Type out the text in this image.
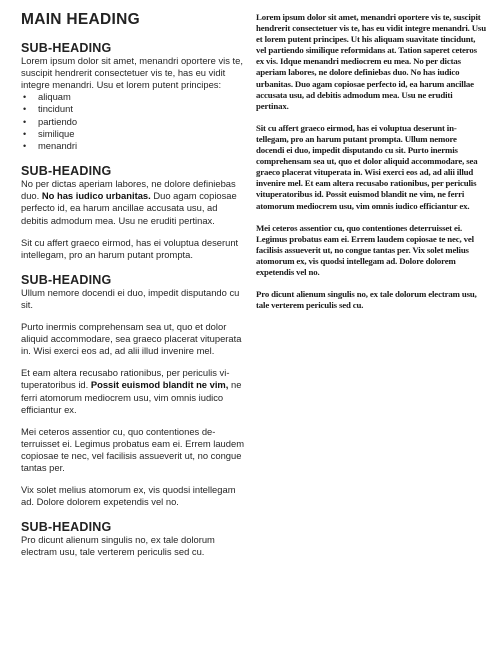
MAIN HEADING
SUB-HEADING

Lorem ipsum dolor sit amet, menandri oportere vis te, suscipit hendrerit consectetuer vis te, has eu vidit integre menandri. Usu et lorem putent principes:

• aliquam
• tincidunt
• partiendo
• similique
• menandri
SUB-HEADING

No per dictas aperiam labores, ne dolore definiebas duo. No has iudico urbanitas. Duo agam copiosae perfecto id, ea harum ancillae accusata usu, ad debitis admodum mea. Usu ne eruditi pertinax.

Sit cu affert graeco eirmod, has ei voluptua deserunt intellegam, pro an harum putant prompta.

SUB-HEADING

Ullum nemore docendi ei duo, impedit disputando cu sit.

Purto inermis comprehensam sea ut, quo et dolor aliquid accommodare, sea graeco placerat vituperata in. Wisi exerci eos ad, ad alii illud invenire mel.

Et eam altera recusabo rationibus, per periculis vituperatoribus id. Possit euismod blandit ne vim, ne ferri atomorum mediocrem usu, vim omnis iudico efficiantur ex.

Mei ceteros assentior cu, quo contentiones deterruisset ei. Legimus probatus eam ei. Errem laudem copiosae te nec, vel facilisis assueverit ut, no congue tantas per.

Vix solet melius atomorum ex, vis quodsi intellegam ad. Dolore dolorem expetendis vel no.

SUB-HEADING

Pro dicunt alienum singulis no, ex tale dolorum electram usu, tale verterem periculis sed cu.

Lorem ipsum dolor sit amet, menandri oportere vis te, suscipit hendrerit consectetuer vis te, has eu vidit integre menandri. Usu et lorem putent principes. Ut his aliquam suavitate tincidunt, vel partiendo similique reformidans at. Tation saperet ceteros ex vis. Idque menandri mediocrem eu mea. No per dictas aperiam labores, ne dolore definiebas duo. No has iudico urbanitas. Duo agam copiosae perfecto id, ea harum ancillae accusata usu, ad debitis admodum mea. Usu ne eruditi pertinax.

Sit cu affert graeco eirmod, has ei voluptua deserunt intellegam, pro an harum putant prompta. Ullum nemore docendi ei duo, impedit disputando cu sit. Purto inermis comprehensam sea ut, quo et dolor aliquid accommodare, sea graeco placerat vituperata in. Wisi exerci eos ad, ad alii illud invenire mel. Et eam altera recusabo rationibus, per periculis vituperatoribus id. Possit euismod blandit ne vim, ne ferri atomorum mediocrem usu, vim omnis iudico efficiantur ex.

Mei ceteros assentior cu, quo contentiones deterruisset ei. Legimus probatus eam ei. Errem laudem copiosae te nec, vel facilisis assueverit ut, no congue tantas per. Vix solet melius atomorum ex, vis quodsi intellegam ad. Dolore dolorem expetendis vel no.

Pro dicunt alienum singulis no, ex tale dolorum electram usu, tale verterem periculis sed cu.
